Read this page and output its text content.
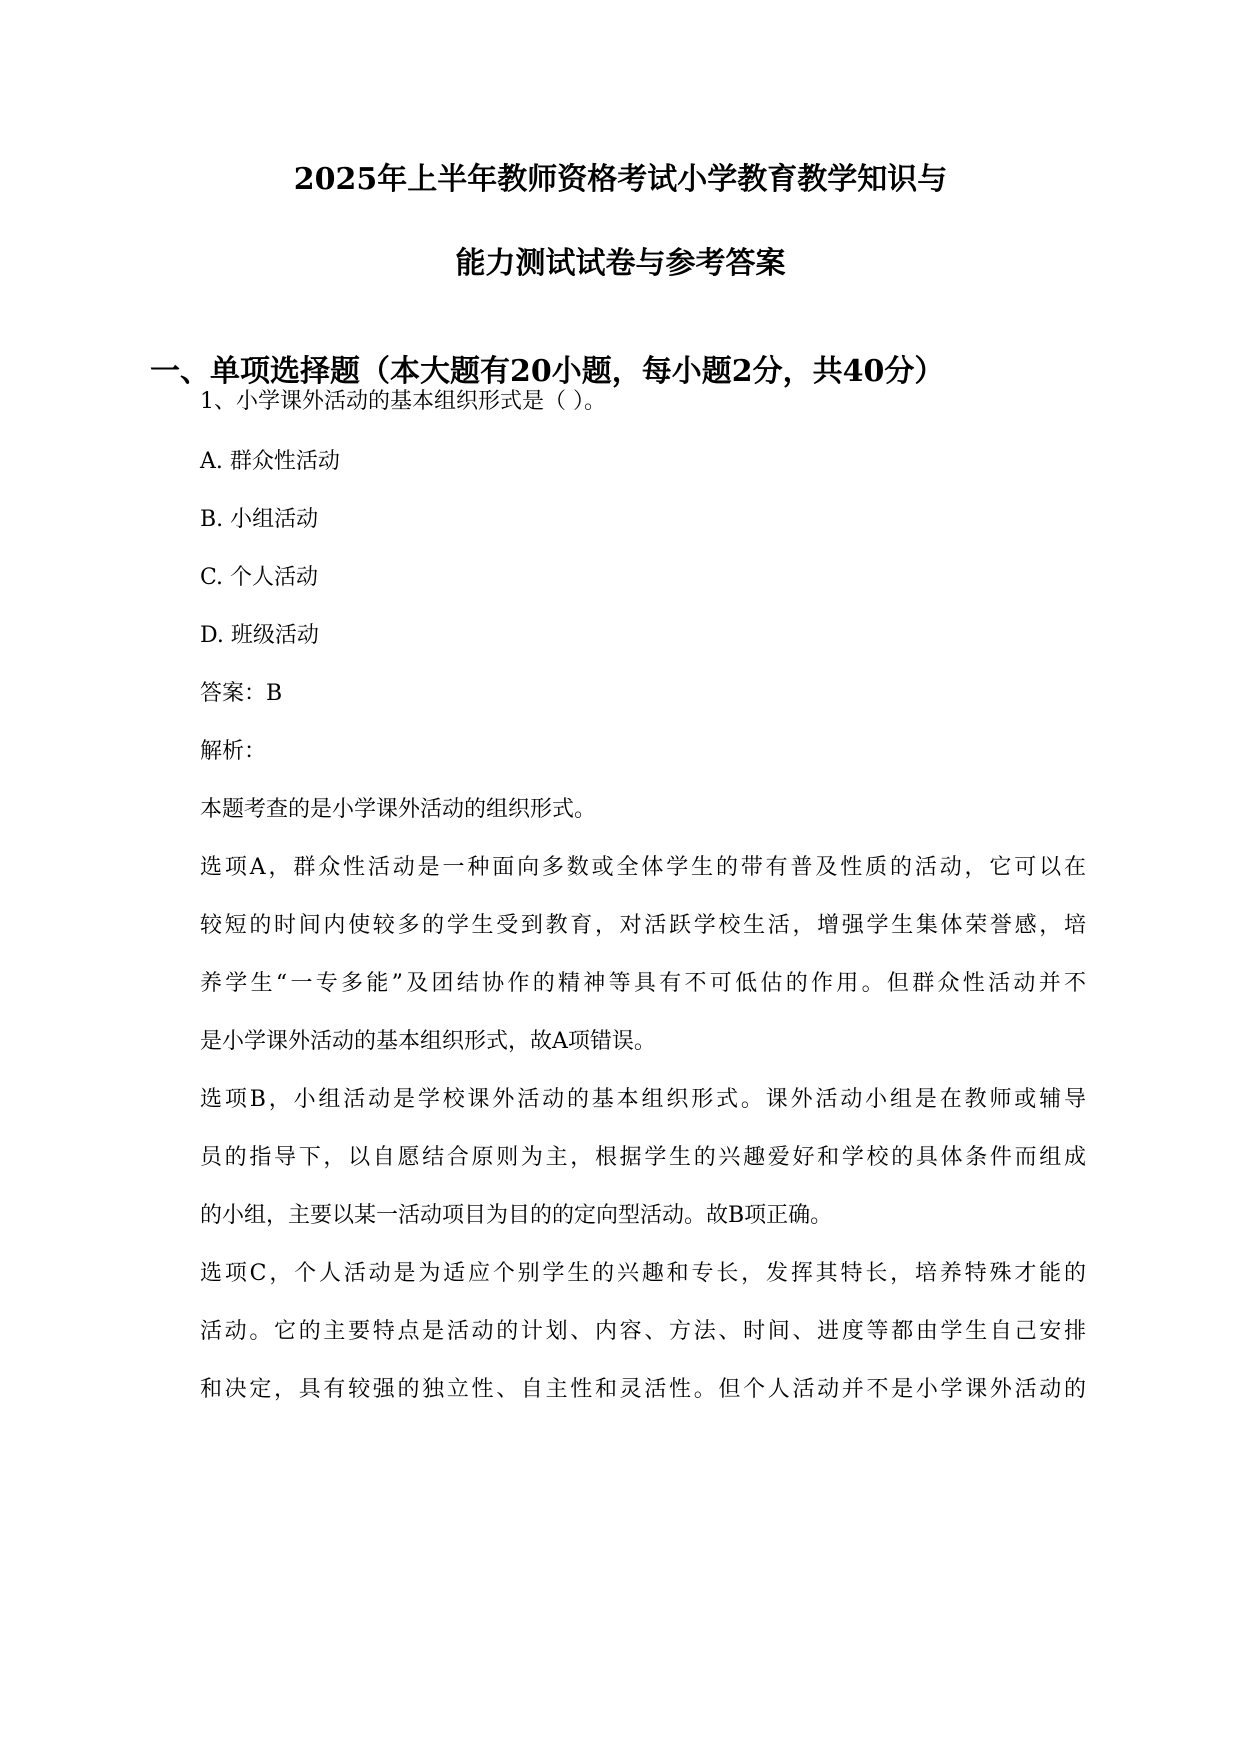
2025年上半年教师资格考试小学教育教学知识与
能力测试试卷与参考答案
一、单项选择题（本大题有20小题，每小题2分，共40分）
1、小学课外活动的基本组织形式是（ ）。
A. 群众性活动
B. 小组活动
C. 个人活动
D. 班级活动
答案：B
解析：
本题考查的是小学课外活动的组织形式。
选项A，群众性活动是一种面向多数或全体学生的带有普及性质的活动，它可以在
较短的时间内使较多的学生受到教育，对活跃学校生活，增强学生集体荣誉感，培
养学生“一专多能”及团结协作的精神等具有不可低估的作用。但群众性活动并不
是小学课外活动的基本组织形式，故A项错误。
选项B，小组活动是学校课外活动的基本组织形式。课外活动小组是在教师或辅导
员的指导下，以自愿结合原则为主，根据学生的兴趣爱好和学校的具体条件而组成
的小组，主要以某一活动项目为目的的定向型活动。故B项正确。
选项C，个人活动是为适应个别学生的兴趣和专长，发挥其特长，培养特殊才能的
活动。它的主要特点是活动的计划、内容、方法、时间、进度等都由学生自己安排
和决定，具有较强的独立性、自主性和灵活性。但个人活动并不是小学课外活动的
